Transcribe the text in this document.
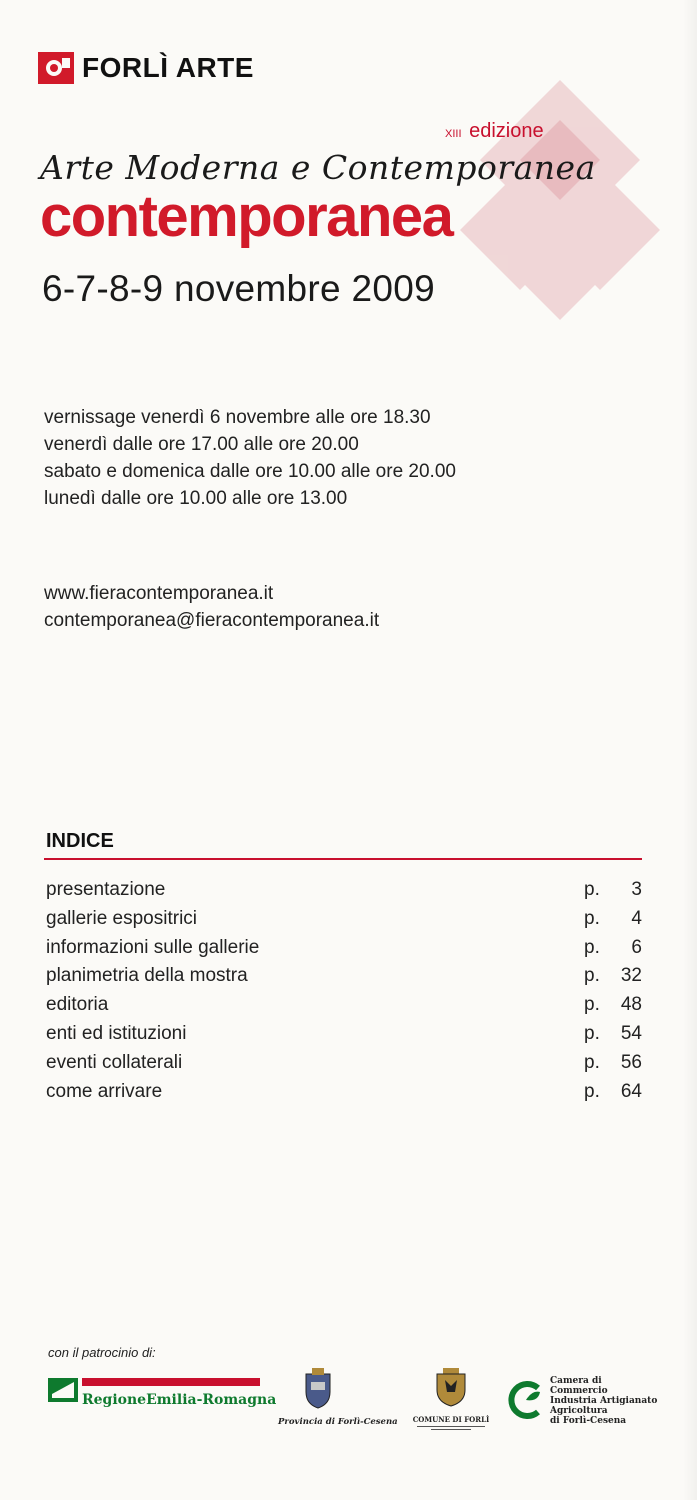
FORLÌ ARTE
XIII edizione
Arte Moderna e Contemporanea
contemporanea
6-7-8-9 novembre 2009
vernissage venerdì 6 novembre alle ore 18.30
venerdì dalle ore 17.00 alle ore 20.00
sabato e domenica dalle ore 10.00 alle ore 20.00
lunedì dalle ore 10.00 alle ore 13.00
www.fieracontemporanea.it
contemporanea@fieracontemporanea.it
INDICE
presentazione	p. 3
gallerie espositrici	p. 4
informazioni sulle gallerie	p. 6
planimetria della mostra	p. 32
editoria	p. 48
enti ed istituzioni	p. 54
eventi collaterali	p. 56
come arrivare	p. 64
con il patrocinio di:
RegioneEmilia-Romagna
Provincia di Forlì-Cesena	COMUNE DI FORLÌ
Camera di Commercio
Industria Artigianato
Agricoltura
di Forlì-Cesena
